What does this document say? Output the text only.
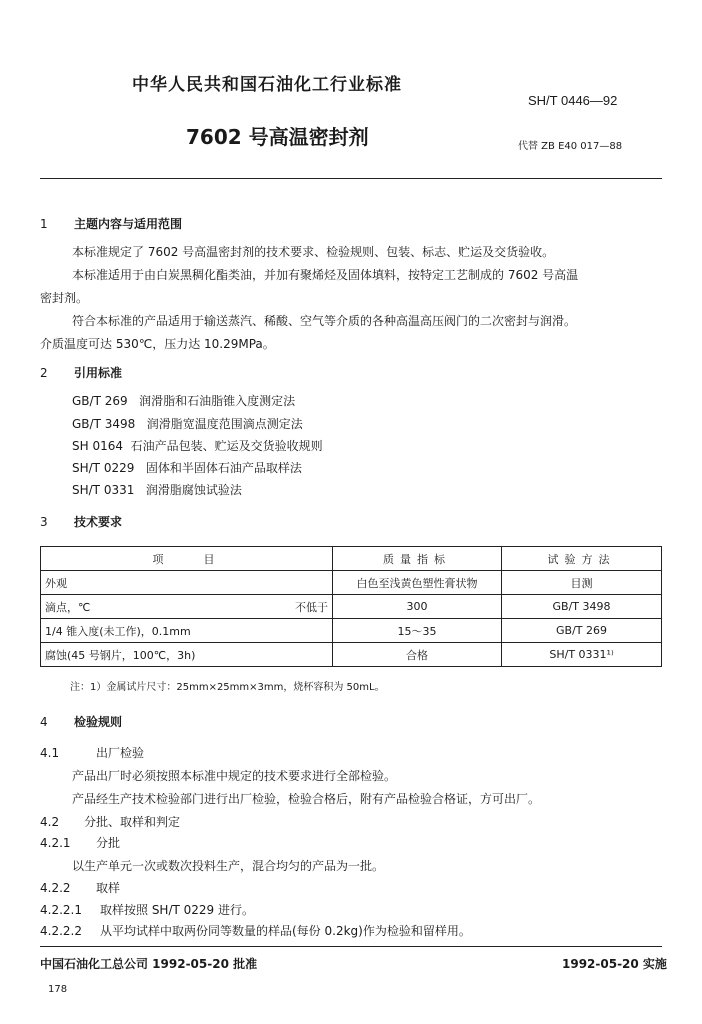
中华人民共和国石油化工行业标准
SH/T 0446—92
7602 号高温密封剂	代替 ZB E40 017—88
1 主题内容与适用范围
本标准规定了 7602 号高温密封剂的技术要求、检验规则、包装、标志、贮运及交货验收。
本标准适用于由白炭黑稠化酯类油，并加有聚烯烃及固体填料，按特定工艺制成的 7602 号高温
密封剂。
符合本标准的产品适用于输送蒸汽、稀酸、空气等介质的各种高温高压阀门的二次密封与润滑。
介质温度可达 530℃，压力达 10.29MPa。
2 引用标准
GB/T 269 润滑脂和石油脂锥入度测定法
GB/T 3498 润滑脂宽温度范围滴点测定法
SH 0164 石油产品包装、贮运及交货验收规则
SH/T 0229 固体和半固体石油产品取样法
SH/T 0331 润滑脂腐蚀试验法
3 技术要求
项　　目	质量指标	试验方法
外观	白色至浅黄色塑性膏状物	目测
滴点，℃ 不低于	300	GB/T 3498
1/4 锥入度(未工作)，0.1mm	15～35	GB/T 269
腐蚀(45 号钢片，100℃，3h)	合格	SH/T 0331¹⁾
注：1）金属试片尺寸：25mm×25mm×3mm，烧杯容积为 50mL。
4 检验规则
4.1	出厂检验
产品出厂时必须按照本标准中规定的技术要求进行全部检验。
产品经生产技术检验部门进行出厂检验，检验合格后，附有产品检验合格证，方可出厂。
4.2 分批、取样和判定
4.2.1 分批
以生产单元一次或数次投料生产，混合均匀的产品为一批。
4.2.2 取样
4.2.2.1 取样按照 SH/T 0229 进行。
4.2.2.2 从平均试样中取两份同等数量的样品(每份 0.2kg)作为检验和留样用。
中国石油化工总公司 1992-05-20 批准	1992-05-20 实施
178
